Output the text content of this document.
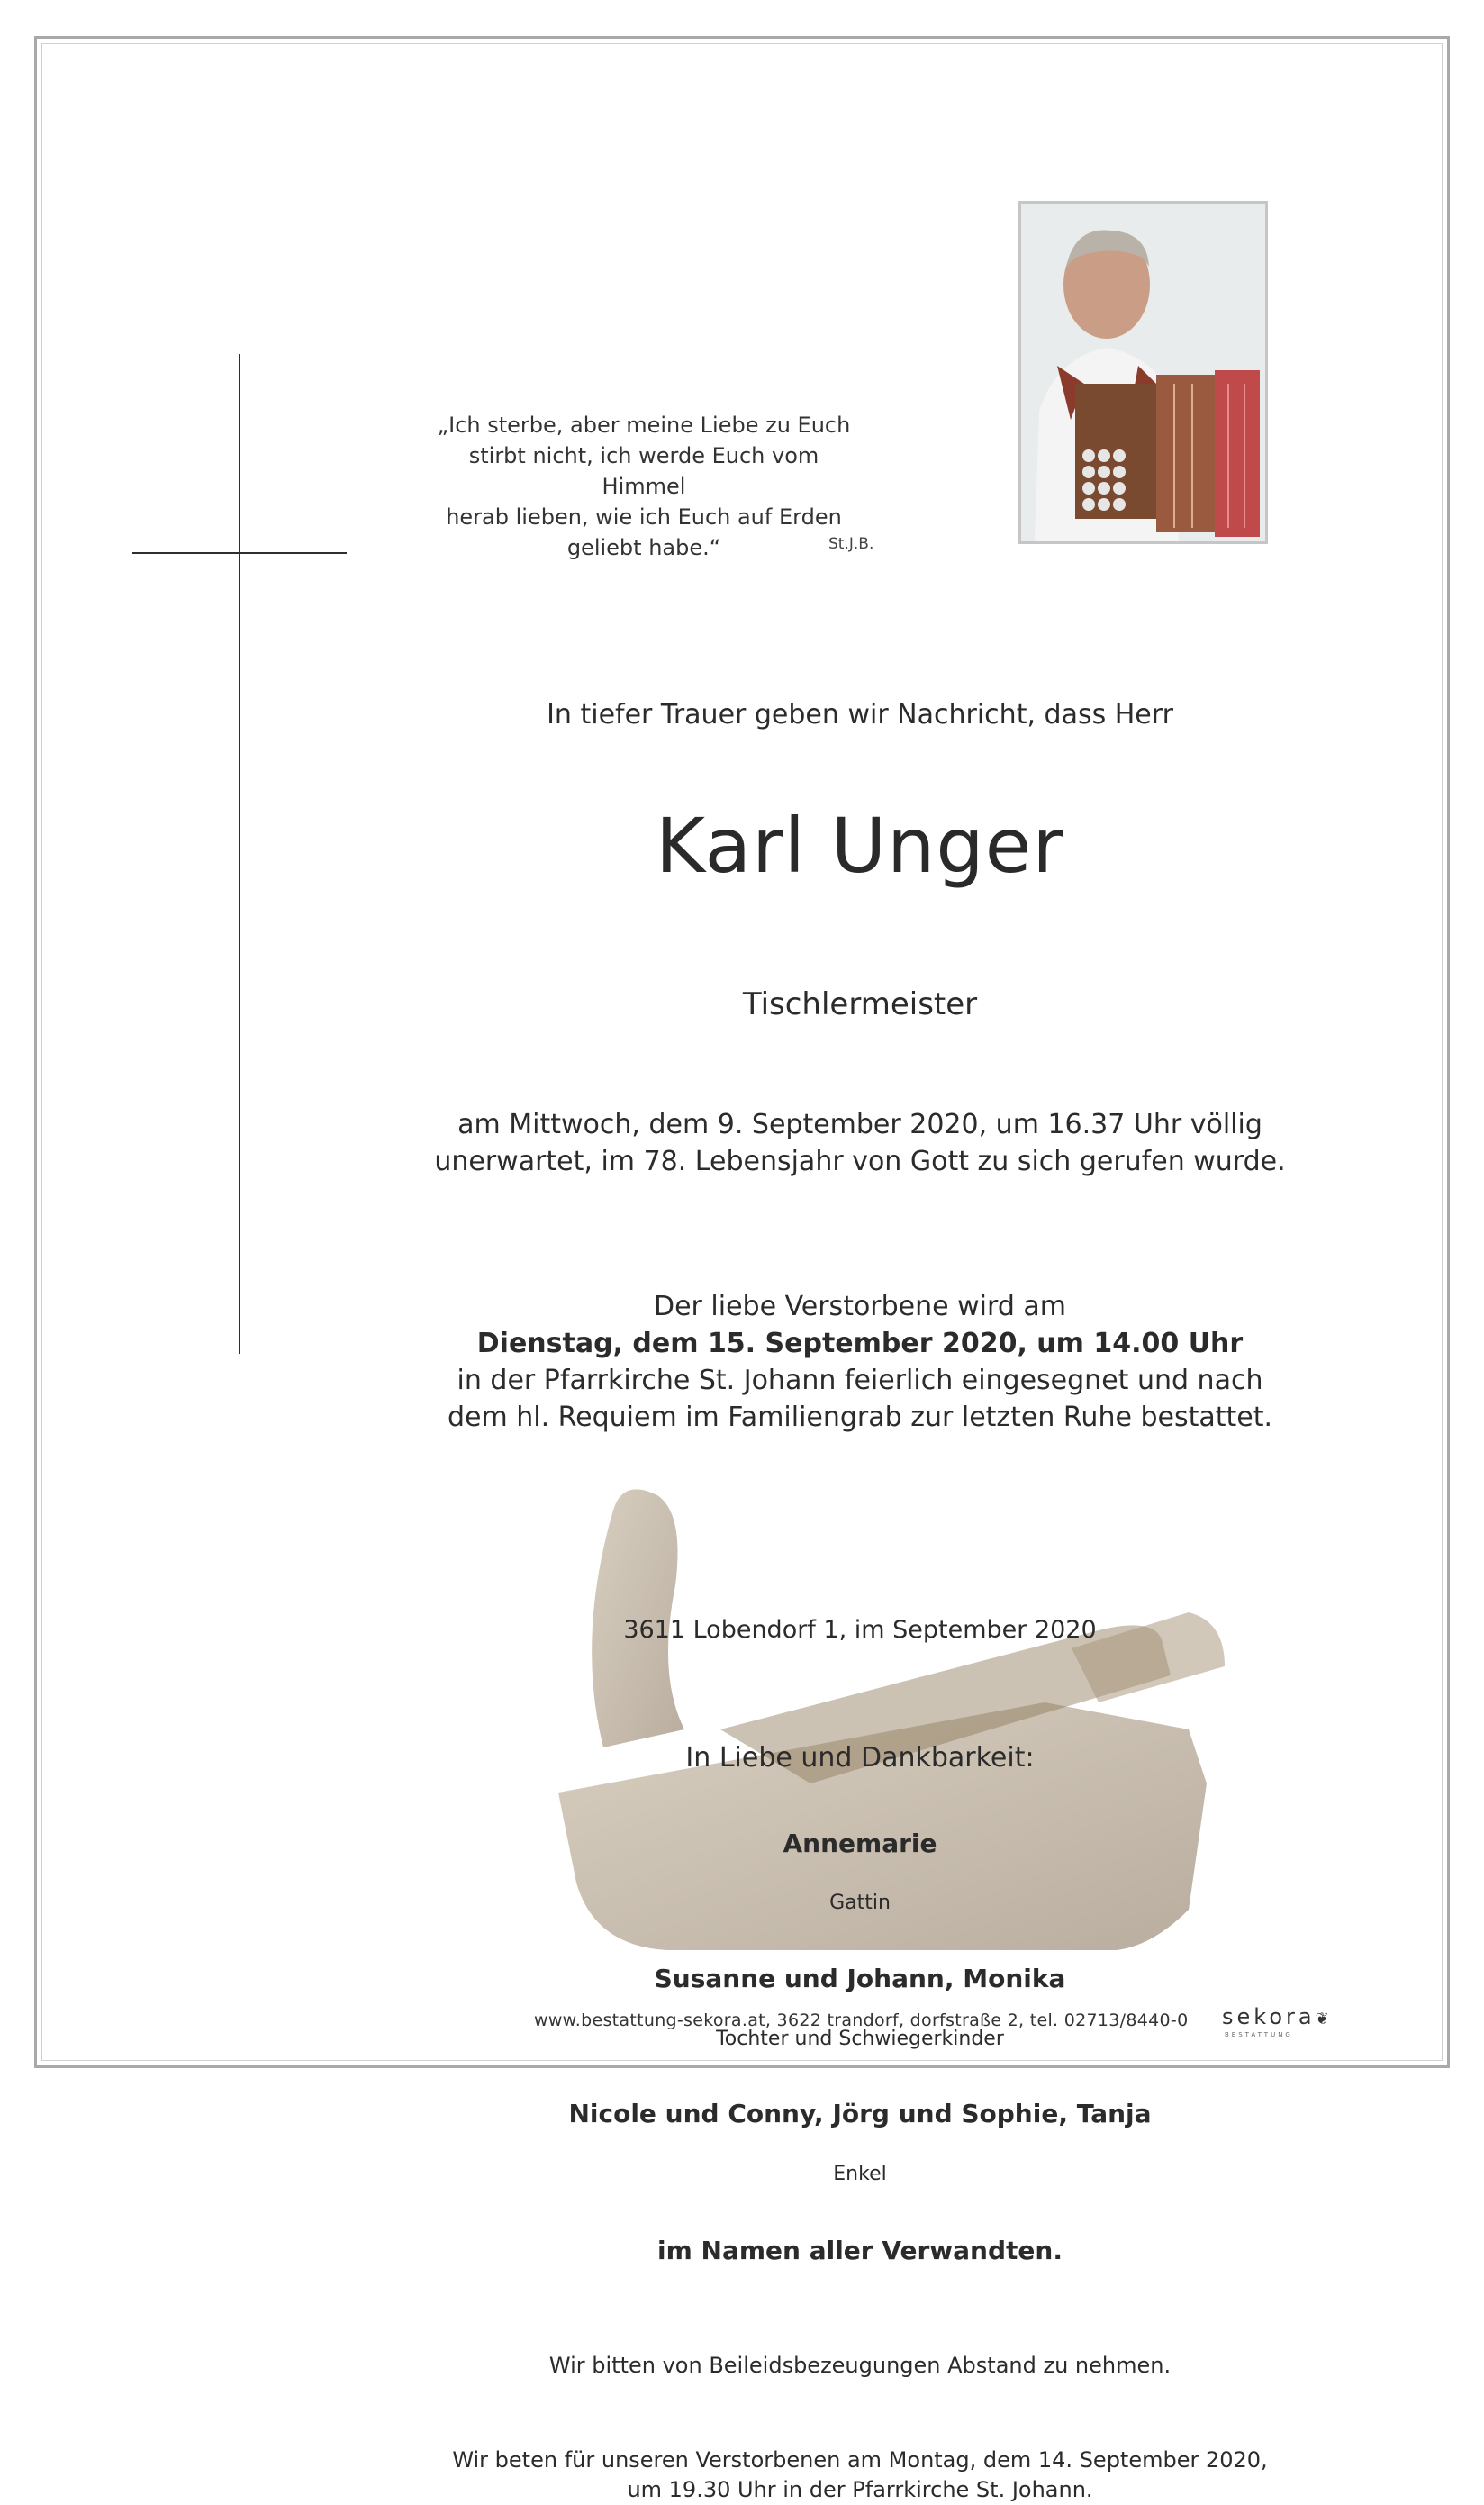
„Ich sterbe, aber meine Liebe zu Euch
stirbt nicht, ich werde Euch vom Himmel
herab lieben, wie ich Euch auf Erden
geliebt habe.“	St.J.B.
In tiefer Trauer geben wir Nachricht, dass Herr
Karl Unger
Tischlermeister
am Mittwoch, dem 9. September 2020, um 16.37 Uhr völlig
unerwartet, im 78. Lebensjahr von Gott zu sich gerufen wurde.
Der liebe Verstorbene wird am
Dienstag, dem 15. September 2020, um 14.00 Uhr
in der Pfarrkirche St. Johann feierlich eingesegnet und nach
dem hl. Requiem im Familiengrab zur letzten Ruhe bestattet.
3611 Lobendorf 1, im September 2020
In Liebe und Dankbarkeit:
Annemarie
Gattin
Susanne und Johann, Monika
Tochter und Schwiegerkinder
Nicole und Conny, Jörg und Sophie, Tanja
Enkel
im Namen aller Verwandten.
Wir bitten von Beileidsbezeugungen Abstand zu nehmen.
Wir beten für unseren Verstorbenen am Montag, dem 14. September 2020,
um 19.30 Uhr in der Pfarrkirche St. Johann.
www.bestattung-sekora.at, 3622 trandorf, dorfstraße 2, tel. 02713/8440-0 sekora❦
BESTATTUNG
